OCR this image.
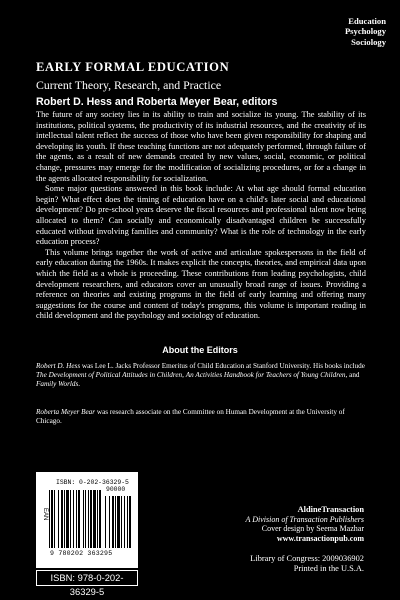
Education
Psychology
Sociology
EARLY FORMAL EDUCATION
Current Theory, Research, and Practice
Robert D. Hess and Roberta Meyer Bear, editors

The future of any society lies in its ability to train and socialize its young. The stability of its institutions, political systems, the productivity of its industrial resources, and the creativity of its intellectual talent reflect the success of those who have been given responsibility for shaping and developing its youth. If these teaching functions are not adequately performed, through failure of the agents, as a result of new demands created by new values, social, economic, or political change, pressures may emerge for the modification of socializing procedures, or for a change in the agents allocated responsibility for socialization.

Some major questions answered in this book include: At what age should formal education begin? What effect does the timing of education have on a child's later social and educational development? Do pre-school years deserve the fiscal resources and professional talent now being allocated to them? Can socially and economically disadvantaged children be successfully educated without involving families and community? What is the role of technology in the early education process?

This volume brings together the work of active and articulate spokespersons in the field of early education during the 1960s. It makes explicit the concepts, theories, and empirical data upon which the field as a whole is proceeding. These contributions from leading psychologists, child development researchers, and educators cover an unusually broad range of issues. Providing a reference on theories and existing programs in the field of early learning and offering many suggestions for the course and content of today's programs, this volume is important reading in child development and the psychology and sociology of education.

About the Editors

Robert D. Hess was Lee L. Jacks Professor Emeritus of Child Education at Stanford University. His books include The Development of Political Attitudes in Children, An Activities Handbook for Teachers of Young Children, and Family Worlds.

Roberta Meyer Bear was research associate on the Committee on Human Development at the University of Chicago.

ISBN: 0-202-36329-5
EAN
9 780202 363295
90000
ISBN: 978-0-202-36329-5
AldineTransaction
A Division of Transaction Publishers
Cover design by Seema Mazhar
www.transactionpub.com
Library of Congress: 2009036902
Printed in the U.S.A.
